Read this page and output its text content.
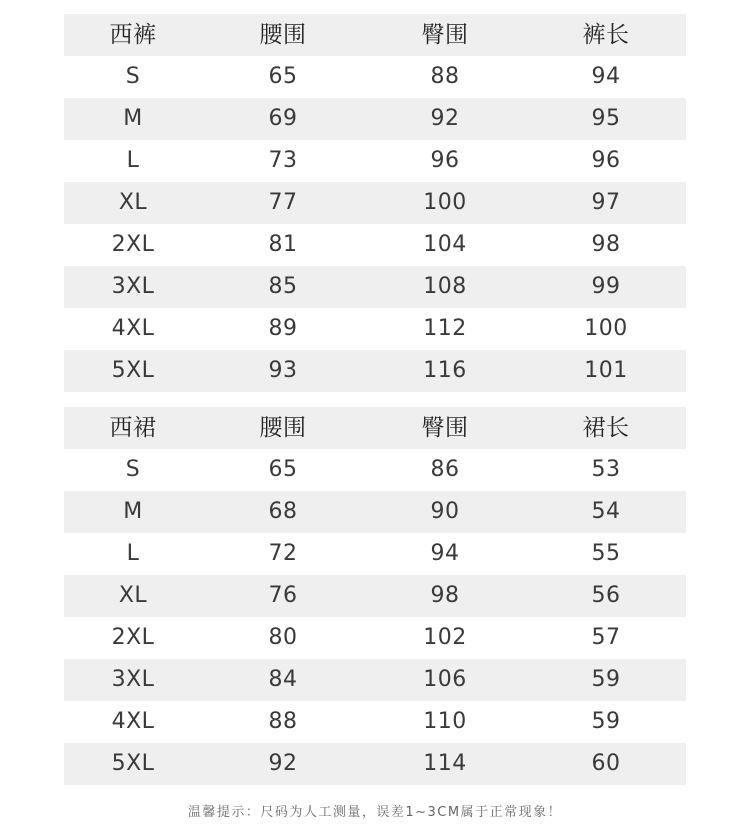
西裤	腰围	臀围	裤长
S	65	88	94
M	69	92	95
L	73	96	96
XL	77	100	97
2XL	81	104	98
3XL	85	108	99
4XL	89	112	100
5XL	93	116	101
西裙	腰围	臀围	裙长
S	65	86	53
M	68	90	54
L	72	94	55
XL	76	98	56
2XL	80	102	57
3XL	84	106	59
4XL	88	110	59
5XL	92	114	60
温馨提示：尺码为人工测量，误差1~3CM属于正常现象！
